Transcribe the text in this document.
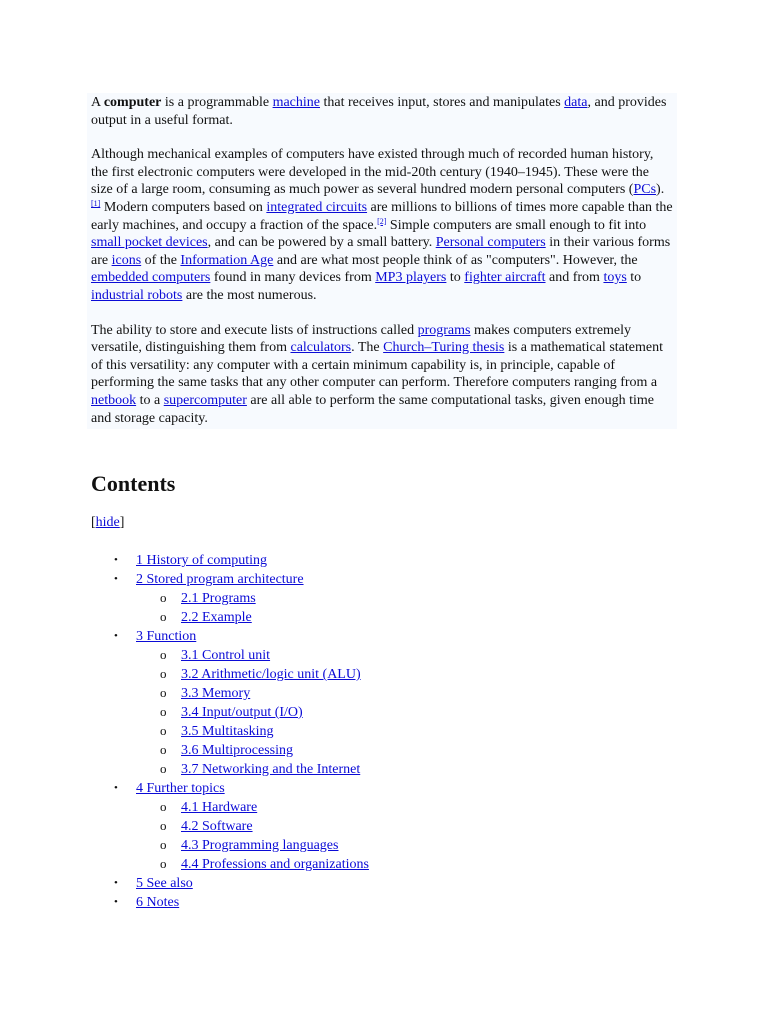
A computer is a programmable machine that receives input, stores and manipulates data, and provides output in a useful format.

Although mechanical examples of computers have existed through much of recorded human history, the first electronic computers were developed in the mid-20th century (1940–1945). These were the size of a large room, consuming as much power as several hundred modern personal computers (PCs).[1] Modern computers based on integrated circuits are millions to billions of times more capable than the early machines, and occupy a fraction of the space.[2] Simple computers are small enough to fit into small pocket devices, and can be powered by a small battery. Personal computers in their various forms are icons of the Information Age and are what most people think of as "computers". However, the embedded computers found in many devices from MP3 players to fighter aircraft and from toys to industrial robots are the most numerous.

The ability to store and execute lists of instructions called programs makes computers extremely versatile, distinguishing them from calculators. The Church–Turing thesis is a mathematical statement of this versatility: any computer with a certain minimum capability is, in principle, capable of performing the same tasks that any other computer can perform. Therefore computers ranging from a netbook to a supercomputer are all able to perform the same computational tasks, given enough time and storage capacity.

Contents
[hide]
• 1 History of computing
• 2 Stored program architecture
o 2.1 Programs
o 2.2 Example
• 3 Function
o 3.1 Control unit
o 3.2 Arithmetic/logic unit (ALU)
o 3.3 Memory
o 3.4 Input/output (I/O)
o 3.5 Multitasking
o 3.6 Multiprocessing
o 3.7 Networking and the Internet
• 4 Further topics
o 4.1 Hardware
o 4.2 Software
o 4.3 Programming languages
o 4.4 Professions and organizations
• 5 See also
• 6 Notes
